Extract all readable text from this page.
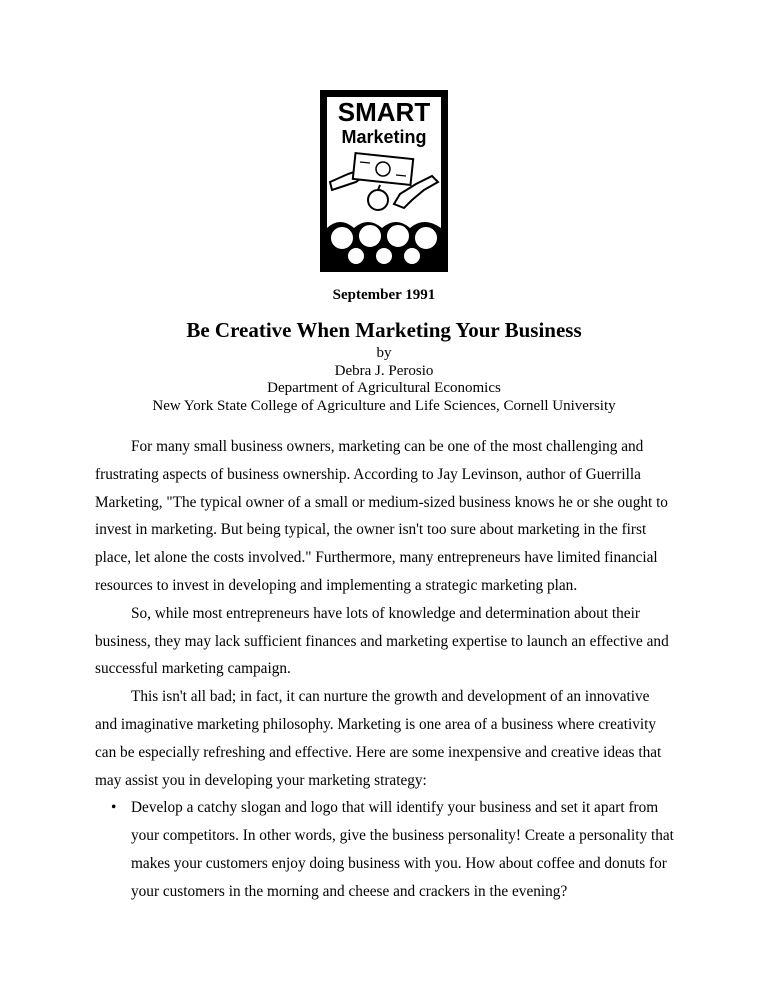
SMART
Marketing
September 1991
Be Creative When Marketing Your Business
by
Debra J. Perosio
Department of Agricultural Economics
New York State College of Agriculture and Life Sciences, Cornell University

For many small business owners, marketing can be one of the most challenging and frustrating aspects of business ownership. According to Jay Levinson, author of Guerrilla Marketing, "The typical owner of a small or medium-sized business knows he or she ought to invest in marketing. But being typical, the owner isn't too sure about marketing in the first place, let alone the costs involved." Furthermore, many entrepreneurs have limited financial resources to invest in developing and implementing a strategic marketing plan.

So, while most entrepreneurs have lots of knowledge and determination about their business, they may lack sufficient finances and marketing expertise to launch an effective and successful marketing campaign.

This isn't all bad; in fact, it can nurture the growth and development of an innovative and imaginative marketing philosophy. Marketing is one area of a business where creativity can be especially refreshing and effective. Here are some inexpensive and creative ideas that may assist you in developing your marketing strategy:

• Develop a catchy slogan and logo that will identify your business and set it apart from your competitors. In other words, give the business personality! Create a personality that makes your customers enjoy doing business with you. How about coffee and donuts for your customers in the morning and cheese and crackers in the evening?
